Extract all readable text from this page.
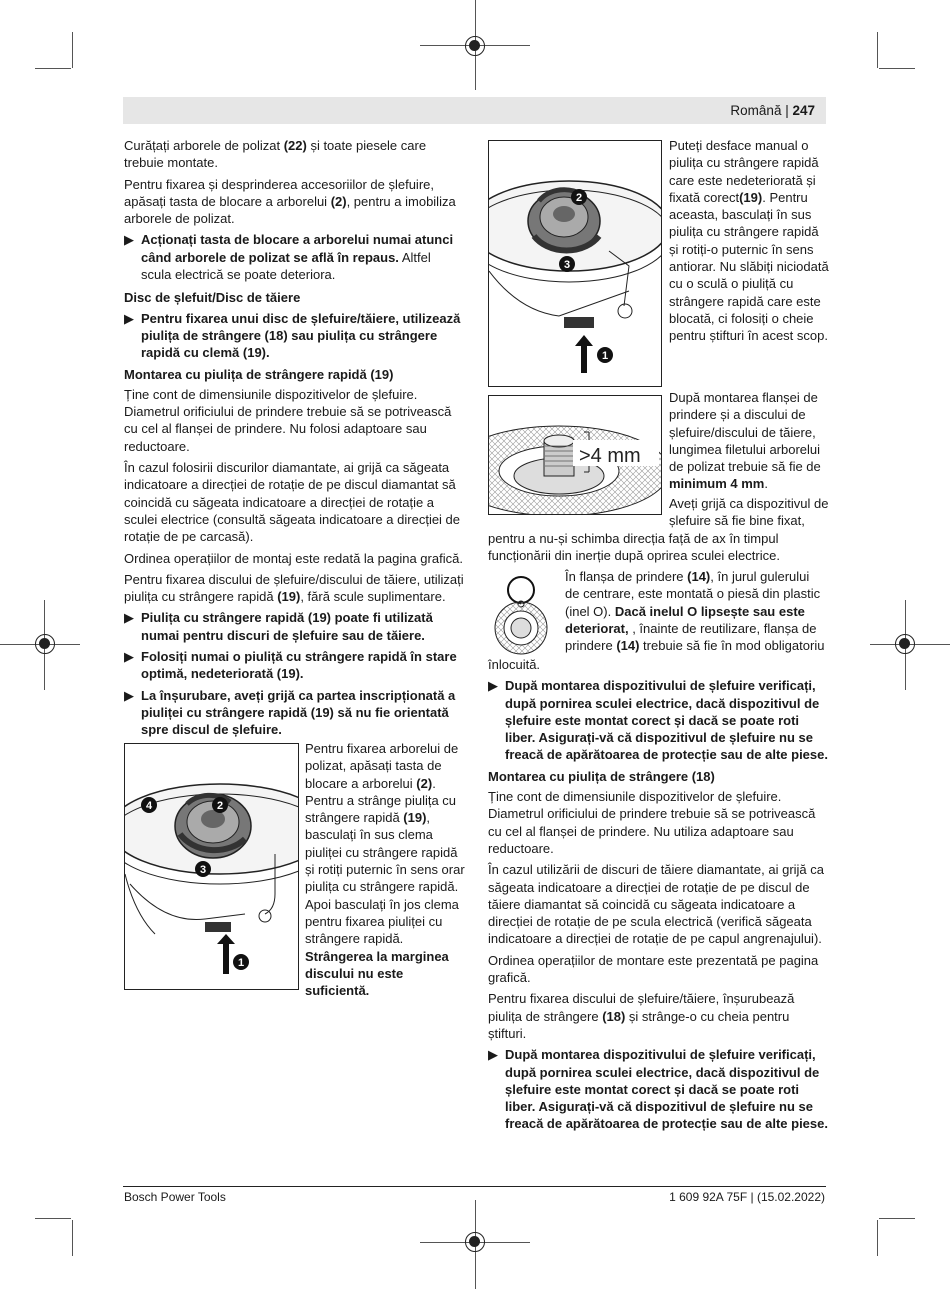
Română | 247

Curățați arborele de polizat (22) și toate piesele care trebuie montate.

Pentru fixarea și desprinderea accesoriilor de șlefuire, apăsați tasta de blocare a arborelui (2), pentru a imobiliza arborele de polizat.

▶ Acționați tasta de blocare a arborelui numai atunci când arborele de polizat se află în repaus. Altfel scula electrică se poate deteriora.
Disc de șlefuit/Disc de tăiere
▶ Pentru fixarea unui disc de șlefuire/tăiere, utilizează piulița de strângere (18) sau piulița cu strângere rapidă cu clemă (19).
Montarea cu piulița de strângere rapidă (19)

Ține cont de dimensiunile dispozitivelor de șlefuire. Diametrul orificiului de prindere trebuie să se potrivească cu cel al flanșei de prindere. Nu folosi adaptoare sau reductoare.

În cazul folosirii discurilor diamantate, ai grijă ca săgeata indicatoare a direcției de rotație de pe discul diamantat să coincidă cu săgeata indicatoare a direcției de rotație a sculei electrice (consultă săgeata indicatoare a direcției de rotație de pe carcasă).

Ordinea operațiilor de montaj este redată la pagina grafică.

Pentru fixarea discului de șlefuire/discului de tăiere, utilizați piulița cu strângere rapidă (19), fără scule suplimentare.

▶ Piulița cu strângere rapidă (19) poate fi utilizată numai pentru discuri de șlefuire sau de tăiere.
▶ Folosiți numai o piuliță cu strângere rapidă în stare optimă, nedeteriorată (19).
▶ La înșurubare, aveți grijă ca partea inscripționată a piuliței cu strângere rapidă (19) să nu fie orientată spre discul de șlefuire.
4	2
3
1
Pentru fixarea arborelui de polizat, apăsați tasta de blocare a arborelui (2). Pentru a strânge piulița cu strângere rapidă (19), basculați în sus clema piuliței cu strângere rapidă și rotiți puternic în sens orar piulița cu strângere rapidă. Apoi basculați în jos clema pentru fixarea piuliței cu strângere rapidă. Strângerea la marginea discului nu este suficientă.
2
3
1
Puteți desface manual o piulița cu strângere rapidă care este nedeteriorată și fixată corect(19). Pentru aceasta, basculați în sus piulița cu strângere rapidă și rotiți-o puternic în sens antiorar. Nu slăbiți niciodată cu o sculă o piuliță cu strângere rapidă care este blocată, ci folosiți o cheie pentru știfturi în acest scop.
>4 mm

După montarea flanșei de prindere și a discului de șlefuire/discului de tăiere, lungimea filetului arborelui de polizat trebuie să fie de minimum 4 mm.

Aveți grijă ca dispozitivul de șlefuire să fie bine fixat,

pentru a nu-și schimba direcția față de ax în timpul funcționării din inerție după oprirea sculei electrice.
În flanșa de prindere (14), în jurul gulerului de centrare, este montată o piesă din plastic (inel O). Dacă inelul O lipsește sau este deteriorat, , înainte de reutilizare, flanșa de prindere (14) trebuie să fie în mod obligatoriu

înlocuită.

▶ După montarea dispozitivului de șlefuire verificați, după pornirea sculei electrice, dacă dispozitivul de șlefuire este montat corect și dacă se poate roti liber. Asigurați-vă că dispozitivul de șlefuire nu se freacă de apărătoarea de protecție sau de alte piese.
Montarea cu piulița de strângere (18)

Ține cont de dimensiunile dispozitivelor de șlefuire. Diametrul orificiului de prindere trebuie să se potrivească cu cel al flanșei de prindere. Nu utiliza adaptoare sau reductoare.

În cazul utilizării de discuri de tăiere diamantate, ai grijă ca săgeata indicatoare a direcției de rotație de pe discul de tăiere diamantat să coincidă cu săgeata indicatoare a direcției de rotație de pe scula electrică (verifică săgeata indicatoare a direcției de rotație de pe capul angrenajului).

Ordinea operațiilor de montare este prezentată pe pagina grafică.

Pentru fixarea discului de șlefuire/tăiere, înșurubează piulița de strângere (18) și strânge-o cu cheia pentru știfturi.

▶ După montarea dispozitivului de șlefuire verificați, după pornirea sculei electrice, dacă dispozitivul de șlefuire este montat corect și dacă se poate roti liber. Asigurați-vă că dispozitivul de șlefuire nu se freacă de apărătoarea de protecție sau de alte piese.
Bosch Power Tools	1 609 92A 75F | (15.02.2022)
